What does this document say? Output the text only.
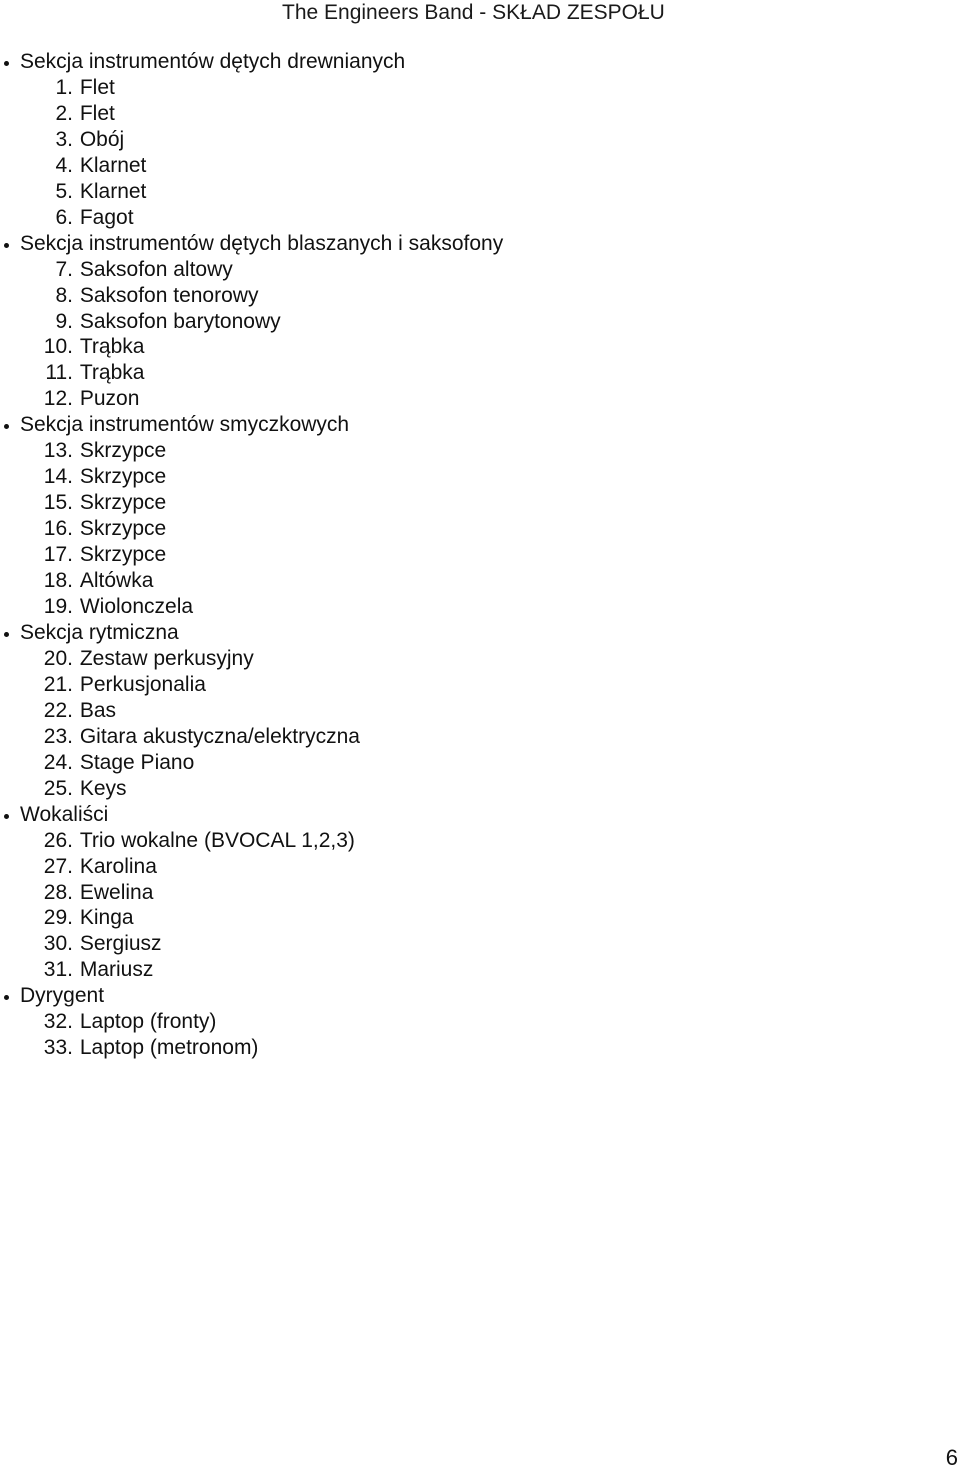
The Engineers Band - SKŁAD ZESPOŁU
Sekcja instrumentów dętych drewnianych
1.
Flet
2.
Flet
3.
Obój
4.
Klarnet
5.
Klarnet
6.
Fagot
Sekcja instrumentów dętych blaszanych i saksofony
7.
Saksofon altowy
8.
Saksofon tenorowy
9.
Saksofon barytonowy
10.
Trąbka
11.
Trąbka
12.
Puzon
Sekcja instrumentów smyczkowych
13.
Skrzypce
14.
Skrzypce
15.
Skrzypce
16.
Skrzypce
17.
Skrzypce
18.
Altówka
19.
Wiolonczela
Sekcja rytmiczna
20.
Zestaw perkusyjny
21.
Perkusjonalia
22.
Bas
23.
Gitara akustyczna/elektryczna
24.
Stage Piano
25.
Keys
Wokaliści
26.
Trio wokalne (BVOCAL 1,2,3)
27.
Karolina
28.
Ewelina
29.
Kinga
30.
Sergiusz
31.
Mariusz
Dyrygent
32.
Laptop (fronty)
33.
Laptop (metronom)
6
